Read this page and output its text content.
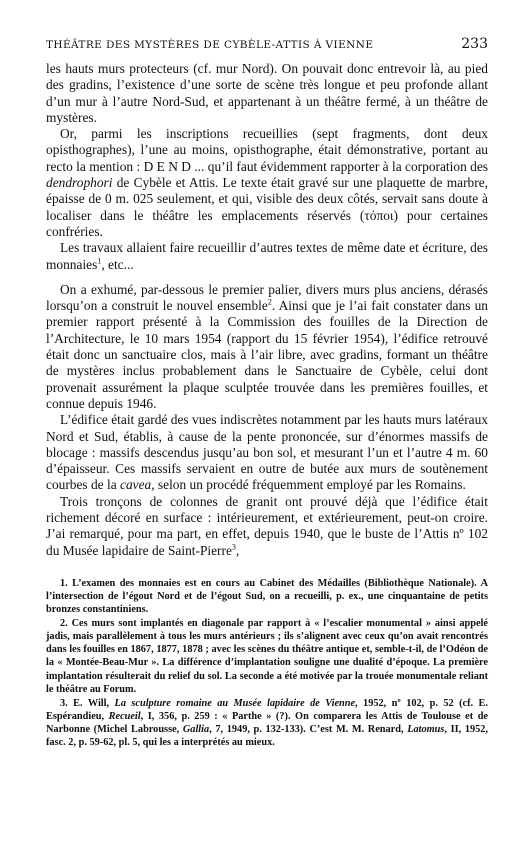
THÉÂTRE DES MYSTÈRES DE CYBÈLE-ATTIS À VIENNE	233

les hauts murs protecteurs (cf. mur Nord). On pouvait donc entrevoir là, au pied des gradins, l’existence d’une sorte de scène très longue et peu profonde allant d’un mur à l’autre Nord-Sud, et appartenant à un théâtre fermé, à un théâtre de mystères.

Or, parmi les inscriptions recueillies (sept fragments, dont deux opisthographes), l’une au moins, opisthographe, était démonstrative, portant au recto la mention : D E N D ... qu’il faut évidemment rapporter à la corporation des dendrophori de Cybèle et Attis. Le texte était gravé sur une plaquette de marbre, épaisse de 0 m. 025 seulement, et qui, visible des deux côtés, servait sans doute à localiser dans le théâtre les emplacements réservés (τόποι) pour certaines confréries.

Les travaux allaient faire recueillir d’autres textes de même date et écriture, des monnaies$^1$, etc...

On a exhumé, par-dessous le premier palier, divers murs plus anciens, dérasés lorsqu’on a construit le nouvel ensemble$^2$. Ainsi que je l’ai fait constater dans un premier rapport présenté à la Commission des fouilles de la Direction de l’Architecture, le 10 mars 1954 (rapport du 15 février 1954), l’édifice retrouvé était donc un sanctuaire clos, mais à l’air libre, avec gradins, formant un théâtre de mystères inclus probablement dans le Sanctuaire de Cybèle, celui dont provenait assurément la plaque sculptée trouvée dans les premières fouilles, et connue depuis 1946.

L’édifice était gardé des vues indiscrètes notamment par les hauts murs latéraux Nord et Sud, établis, à cause de la pente prononcée, sur d’énormes massifs de blocage : massifs descendus jusqu’au bon sol, et mesurant l’un et l’autre 4 m. 60 d’épaisseur. Ces massifs servaient en outre de butée aux murs de soutènement courbes de la cavea, selon un procédé fréquemment employé par les Romains.

Trois tronçons de colonnes de granit ont prouvé déjà que l’édifice était richement décoré en surface : intérieurement, et extérieurement, peut-on croire. J’ai remarqué, pour ma part, en effet, depuis 1940, que le buste de l’Attis nº 102 du Musée lapidaire de Saint-Pierre$^3$,

1. L’examen des monnaies est en cours au Cabinet des Médailles (Bibliothèque Nationale). A l’intersection de l’égout Nord et de l’égout Sud, on a recueilli, p. ex., une cinquantaine de petits bronzes constantiniens.

2. Ces murs sont implantés en diagonale par rapport à « l’escalier monumental » ainsi appelé jadis, mais parallèlement à tous les murs antérieurs ; ils s’alignent avec ceux qu’on avait rencontrés dans les fouilles en 1867, 1877, 1878 ; avec les scènes du théâtre antique et, semble-t-il, de l’Odéon de la « Montée-Beau-Mur ». La différence d’implantation souligne une dualité d’époque. La première implantation résulterait du relief du sol. La seconde a été motivée par la trouée monumentale reliant le théâtre au Forum.

3. E. Will, La sculpture romaine au Musée lapidaire de Vienne, 1952, nº 102, p. 52 (cf. E. Espérandieu, Recueil, I, 356, p. 259 : « Parthe » (?). On comparera les Attis de Toulouse et de Narbonne (Michel Labrousse, Gallia, 7, 1949, p. 132-133). C’est M. M. Renard, Latomus, II, 1952, fasc. 2, p. 59-62, pl. 5, qui les a interprétés au mieux.
